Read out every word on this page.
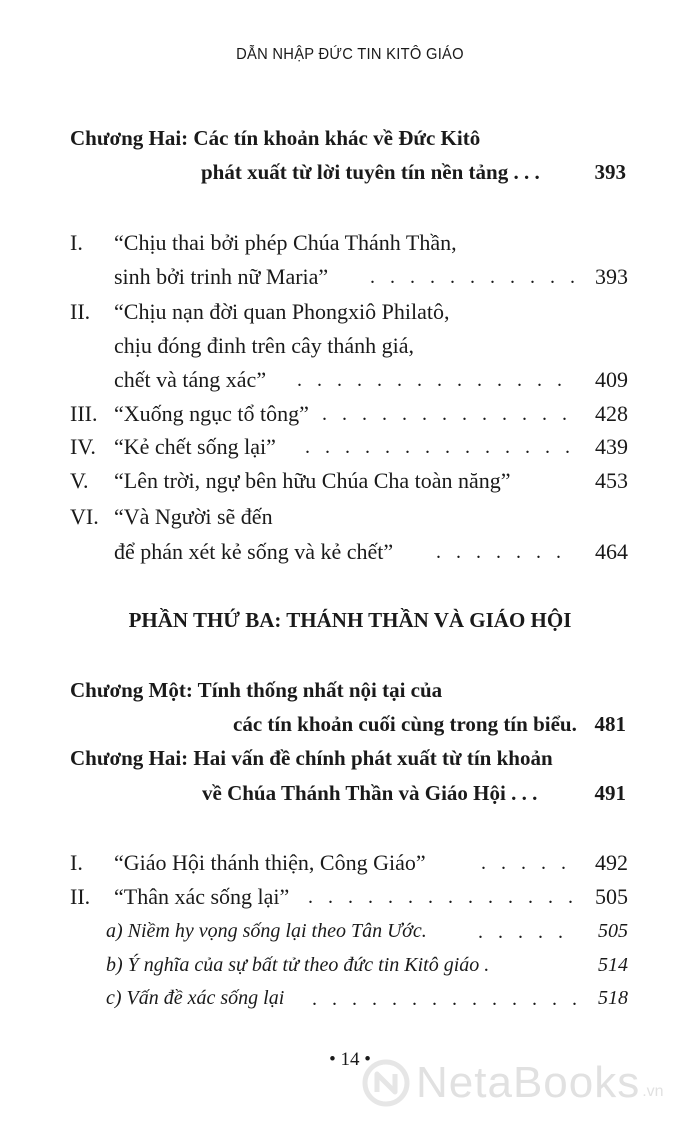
DẪN NHẬP ĐỨC TIN KITÔ GIÁO
Chương Hai: Các tín khoản khác về Đức Kitô
phát xuất từ lời tuyên tín nền tảng . . .	393
I. “Chịu thai bởi phép Chúa Thánh Thần,
sinh bởi trinh nữ Maria” . . .	393
II. “Chịu nạn đời quan Phongxiô Philatô,
chịu đóng đinh trên cây thánh giá,
chết và táng xác” . . .	409
III. “Xuống ngục tổ tông” . . .	428
IV. “Kẻ chết sống lại” . . .	439
V. “Lên trời, ngự bên hữu Chúa Cha toàn năng”	453
VI. “Và Người sẽ đến
để phán xét kẻ sống và kẻ chết” . . .	464
PHẦN THỨ BA: THÁNH THẦN VÀ GIÁO HỘI
Chương Một: Tính thống nhất nội tại của
các tín khoản cuối cùng trong tín biểu. 481
Chương Hai: Hai vấn đề chính phát xuất từ tín khoản
về Chúa Thánh Thần và Giáo Hội . . .	491
I. “Giáo Hội thánh thiện, Công Giáo” . . .	492
II. “Thân xác sống lại” . . .	505
a) Niềm hy vọng sống lại theo Tân Ước. . . .	505
b) Ý nghĩa của sự bất tử theo đức tin Kitô giáo .	514
c) Vấn đề xác sống lại . . .	518
• 14 •	NetaBooks .vn
